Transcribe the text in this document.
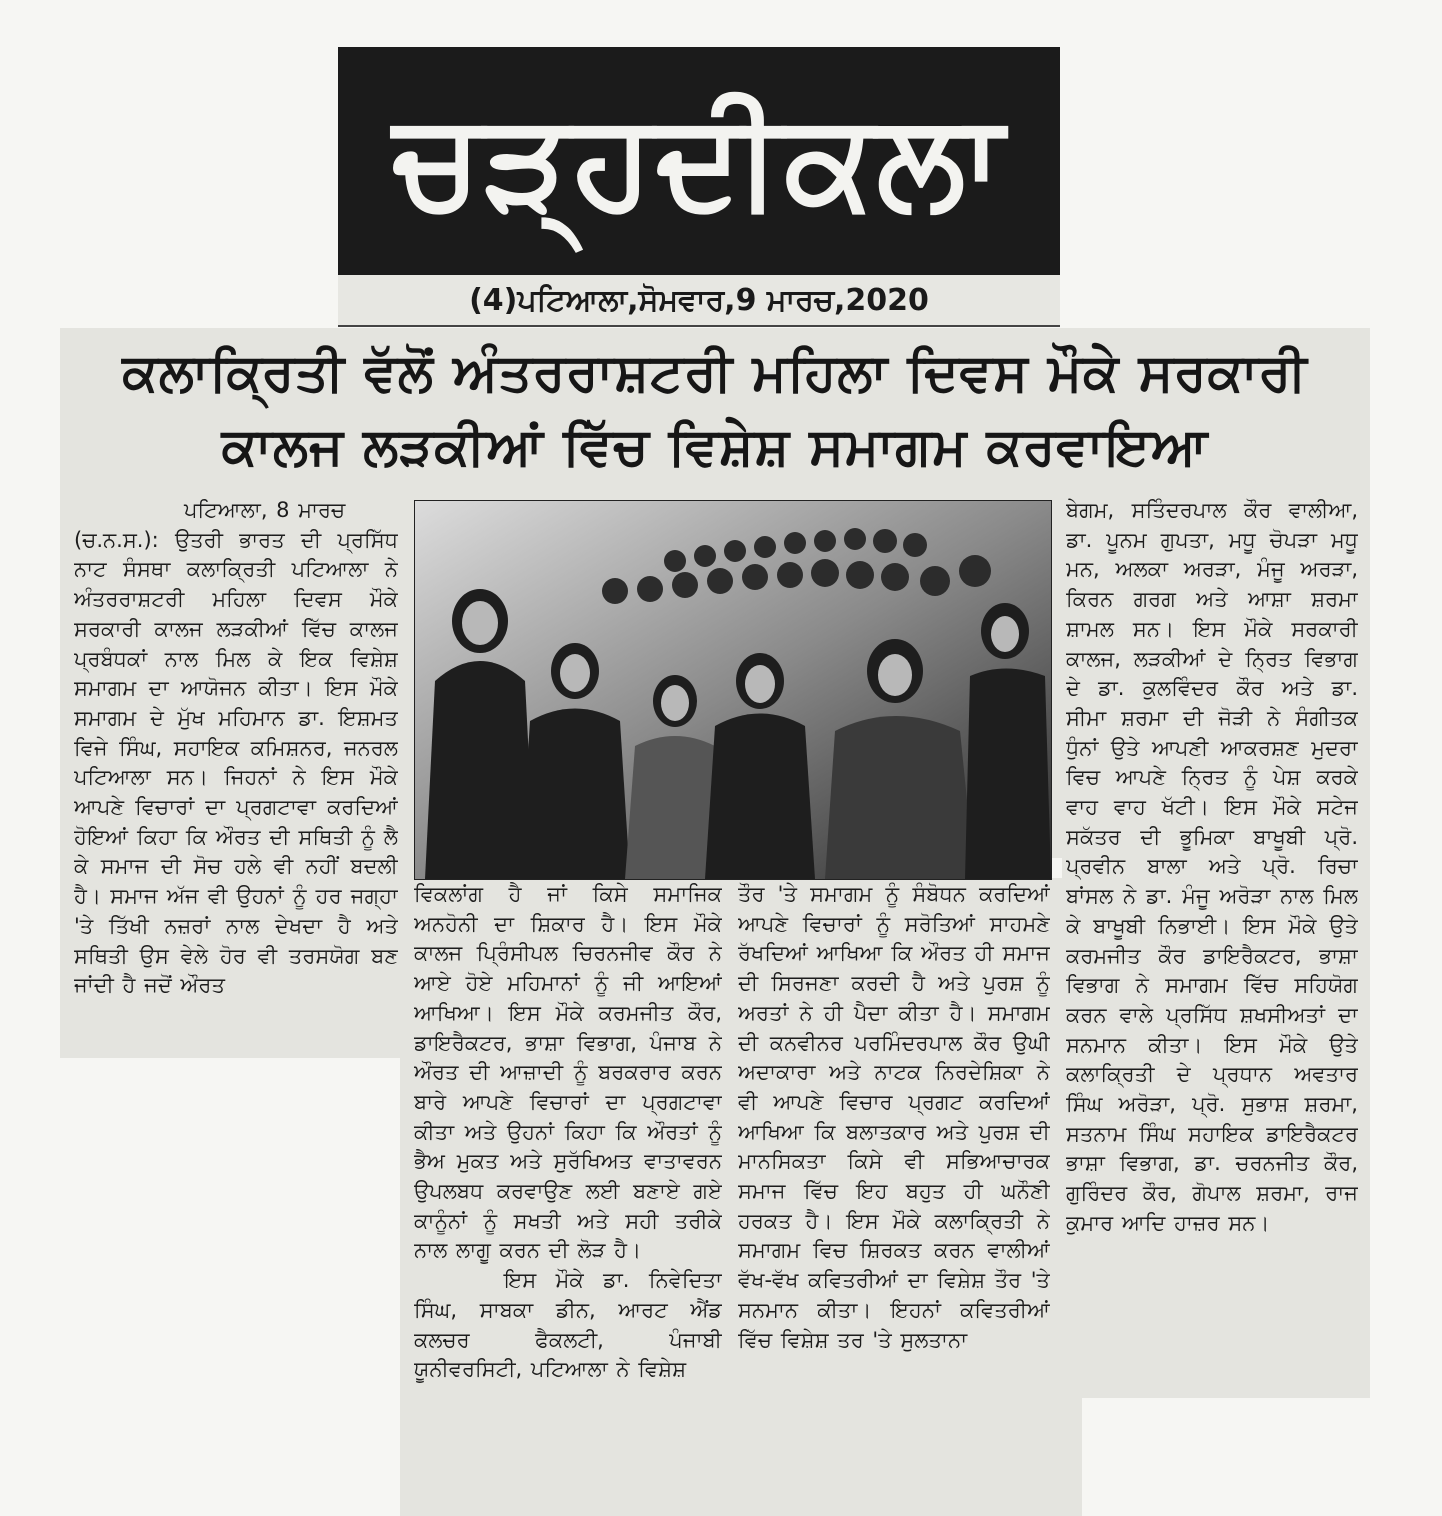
ਚੜ੍ਹਦੀਕਲਾ
(4)ਪਟਿਆਲਾ,ਸੋਮਵਾਰ,9 ਮਾਰਚ,2020
ਕਲਾਕ੍ਰਿਤੀ ਵੱਲੋਂ ਅੰਤਰਰਾਸ਼ਟਰੀ ਮਹਿਲਾ ਦਿਵਸ ਮੌਕੇ ਸਰਕਾਰੀ
ਕਾਲਜ ਲੜਕੀਆਂ ਵਿੱਚ ਵਿਸ਼ੇਸ਼ ਸਮਾਗਮ ਕਰਵਾਇਆ

ਪਟਿਆਲਾ, 8 ਮਾਰਚ

(ਚ.ਨ.ਸ.): ਉਤਰੀ ਭਾਰਤ ਦੀ ਪ੍ਰਸਿੱਧ ਨਾਟ ਸੰਸਥਾ ਕਲਾਕ੍ਰਿਤੀ ਪਟਿਆਲਾ ਨੇ ਅੰਤਰਰਾਸ਼ਟਰੀ ਮਹਿਲਾ ਦਿਵਸ ਮੌਕੇ ਸਰਕਾਰੀ ਕਾਲਜ ਲੜਕੀਆਂ ਵਿੱਚ ਕਾਲਜ ਪ੍ਰਬੰਧਕਾਂ ਨਾਲ ਮਿਲ ਕੇ ਇਕ ਵਿਸ਼ੇਸ਼ ਸਮਾਗਮ ਦਾ ਆਯੋਜਨ ਕੀਤਾ। ਇਸ ਮੌਕੇ ਸਮਾਗਮ ਦੇ ਮੁੱਖ ਮਹਿਮਾਨ ਡਾ. ਇਸ਼ਮਤ ਵਿਜੇ ਸਿੰਘ, ਸਹਾਇਕ ਕਮਿਸ਼ਨਰ, ਜਨਰਲ ਪਟਿਆਲਾ ਸਨ। ਜਿਹਨਾਂ ਨੇ ਇਸ ਮੌਕੇ ਆਪਣੇ ਵਿਚਾਰਾਂ ਦਾ ਪ੍ਰਗਟਾਵਾ ਕਰਦਿਆਂ ਹੋਇਆਂ ਕਿਹਾ ਕਿ ਔਰਤ ਦੀ ਸਥਿਤੀ ਨੂੰ ਲੈ ਕੇ ਸਮਾਜ ਦੀ ਸੋਚ ਹਲੇ ਵੀ ਨਹੀਂ ਬਦਲੀ ਹੈ। ਸਮਾਜ ਅੱਜ ਵੀ ਉਹਨਾਂ ਨੂੰ ਹਰ ਜਗ੍ਹਾ 'ਤੇ ਤਿੱਖੀ ਨਜ਼ਰਾਂ ਨਾਲ ਦੇਖਦਾ ਹੈ ਅਤੇ ਸਥਿਤੀ ਉਸ ਵੇਲੇ ਹੋਰ ਵੀ ਤਰਸਯੋਗ ਬਣ ਜਾਂਦੀ ਹੈ ਜਦੋਂ ਔਰਤ

ਵਿਕਲਾਂਗ ਹੈ ਜਾਂ ਕਿਸੇ ਸਮਾਜਿਕ ਅਨਹੋਨੀ ਦਾ ਸ਼ਿਕਾਰ ਹੈ। ਇਸ ਮੌਕੇ ਕਾਲਜ ਪ੍ਰਿੰਸੀਪਲ ਚਿਰਨਜੀਵ ਕੌਰ ਨੇ ਆਏ ਹੋਏ ਮਹਿਮਾਨਾਂ ਨੂੰ ਜੀ ਆਇਆਂ ਆਖਿਆ। ਇਸ ਮੌਕੇ ਕਰਮਜੀਤ ਕੌਰ, ਡਾਇਰੈਕਟਰ, ਭਾਸ਼ਾ ਵਿਭਾਗ, ਪੰਜਾਬ ਨੇ ਔਰਤ ਦੀ ਆਜ਼ਾਦੀ ਨੂੰ ਬਰਕਰਾਰ ਕਰਨ ਬਾਰੇ ਆਪਣੇ ਵਿਚਾਰਾਂ ਦਾ ਪ੍ਰਗਟਾਵਾ ਕੀਤਾ ਅਤੇ ਉਹਨਾਂ ਕਿਹਾ ਕਿ ਔਰਤਾਂ ਨੂੰ ਭੈਅ ਮੁਕਤ ਅਤੇ ਸੁਰੱਖਿਅਤ ਵਾਤਾਵਰਨ ਉਪਲਬਧ ਕਰਵਾਉਣ ਲਈ ਬਣਾਏ ਗਏ ਕਾਨੂੰਨਾਂ ਨੂੰ ਸਖਤੀ ਅਤੇ ਸਹੀ ਤਰੀਕੇ ਨਾਲ ਲਾਗੂ ਕਰਨ ਦੀ ਲੋੜ ਹੈ।

ਇਸ ਮੌਕੇ ਡਾ. ਨਿਵੇਦਿਤਾ ਸਿੰਘ, ਸਾਬਕਾ ਡੀਨ, ਆਰਟ ਐਂਡ ਕਲਚਰ ਫੈਕਲਟੀ, ਪੰਜਾਬੀ ਯੂਨੀਵਰਸਿਟੀ, ਪਟਿਆਲਾ ਨੇ ਵਿਸ਼ੇਸ਼

ਤੌਰ 'ਤੇ ਸਮਾਗਮ ਨੂੰ ਸੰਬੋਧਨ ਕਰਦਿਆਂ ਆਪਣੇ ਵਿਚਾਰਾਂ ਨੂੰ ਸਰੋਤਿਆਂ ਸਾਹਮਣੇ ਰੱਖਦਿਆਂ ਆਖਿਆ ਕਿ ਔਰਤ ਹੀ ਸਮਾਜ ਦੀ ਸਿਰਜਣਾ ਕਰਦੀ ਹੈ ਅਤੇ ਪੁਰਸ਼ ਨੂੰ ਅਰਤਾਂ ਨੇ ਹੀ ਪੈਦਾ ਕੀਤਾ ਹੈ। ਸਮਾਗਮ ਦੀ ਕਨਵੀਨਰ ਪਰਮਿੰਦਰਪਾਲ ਕੌਰ ਉਘੀ ਅਦਾਕਾਰਾ ਅਤੇ ਨਾਟਕ ਨਿਰਦੇਸ਼ਿਕਾ ਨੇ ਵੀ ਆਪਣੇ ਵਿਚਾਰ ਪ੍ਰਗਟ ਕਰਦਿਆਂ ਆਖਿਆ ਕਿ ਬਲਾਤਕਾਰ ਅਤੇ ਪੁਰਸ਼ ਦੀ ਮਾਨਸਿਕਤਾ ਕਿਸੇ ਵੀ ਸਭਿਆਚਾਰਕ ਸਮਾਜ ਵਿੱਚ ਇਹ ਬਹੁਤ ਹੀ ਘਨੌਣੀ ਹਰਕਤ ਹੈ। ਇਸ ਮੌਕੇ ਕਲਾਕ੍ਰਿਤੀ ਨੇ ਸਮਾਗਮ ਵਿਚ ਸ਼ਿਰਕਤ ਕਰਨ ਵਾਲੀਆਂ ਵੱਖ-ਵੱਖ ਕਵਿਤਰੀਆਂ ਦਾ ਵਿਸ਼ੇਸ਼ ਤੌਰ 'ਤੇ ਸਨਮਾਨ ਕੀਤਾ। ਇਹਨਾਂ ਕਵਿਤਰੀਆਂ ਵਿੱਚ ਵਿਸ਼ੇਸ਼ ਤਰ 'ਤੇ ਸੁਲਤਾਨਾ

ਬੇਗਮ, ਸਤਿੰਦਰਪਾਲ ਕੌਰ ਵਾਲੀਆ, ਡਾ. ਪੂਨਮ ਗੁਪਤਾ, ਮਧੂ ਚੋਪੜਾ ਮਧੂ ਮਨ, ਅਲਕਾ ਅਰੜਾ, ਮੰਜੂ ਅਰੜਾ, ਕਿਰਨ ਗਰਗ ਅਤੇ ਆਸ਼ਾ ਸ਼ਰਮਾ ਸ਼ਾਮਲ ਸਨ। ਇਸ ਮੌਕੇ ਸਰਕਾਰੀ ਕਾਲਜ, ਲੜਕੀਆਂ ਦੇ ਨ੍ਰਿਤ ਵਿਭਾਗ ਦੇ ਡਾ. ਕੁਲਵਿੰਦਰ ਕੌਰ ਅਤੇ ਡਾ. ਸੀਮਾ ਸ਼ਰਮਾ ਦੀ ਜੋੜੀ ਨੇ ਸੰਗੀਤਕ ਧੁੰਨਾਂ ਉਤੇ ਆਪਣੀ ਆਕਰਸ਼ਣ ਮੁਦਰਾ ਵਿਚ ਆਪਣੇ ਨ੍ਰਿਤ ਨੂੰ ਪੇਸ਼ ਕਰਕੇ ਵਾਹ ਵਾਹ ਖੱਟੀ। ਇਸ ਮੌਕੇ ਸਟੇਜ ਸਕੱਤਰ ਦੀ ਭੂਮਿਕਾ ਬਾਖੂਬੀ ਪ੍ਰੋ. ਪ੍ਰਵੀਨ ਬਾਲਾ ਅਤੇ ਪ੍ਰੋ. ਰਿਚਾ ਬਾਂਸਲ ਨੇ ਡਾ. ਮੰਜੂ ਅਰੋੜਾ ਨਾਲ ਮਿਲ ਕੇ ਬਾਖੂਬੀ ਨਿਭਾਈ। ਇਸ ਮੌਕੇ ਉਤੇ ਕਰਮਜੀਤ ਕੌਰ ਡਾਇਰੈਕਟਰ, ਭਾਸ਼ਾ ਵਿਭਾਗ ਨੇ ਸਮਾਗਮ ਵਿੱਚ ਸਹਿਯੋਗ ਕਰਨ ਵਾਲੇ ਪ੍ਰਸਿੱਧ ਸ਼ਖਸੀਅਤਾਂ ਦਾ ਸਨਮਾਨ ਕੀਤਾ। ਇਸ ਮੌਕੇ ਉਤੇ ਕਲਾਕ੍ਰਿਤੀ ਦੇ ਪ੍ਰਧਾਨ ਅਵਤਾਰ ਸਿੰਘ ਅਰੋੜਾ, ਪ੍ਰੋ. ਸੁਭਾਸ਼ ਸ਼ਰਮਾ, ਸਤਨਾਮ ਸਿੰਘ ਸਹਾਇਕ ਡਾਇਰੈਕਟਰ ਭਾਸ਼ਾ ਵਿਭਾਗ, ਡਾ. ਚਰਨਜੀਤ ਕੌਰ, ਗੁਰਿੰਦਰ ਕੌਰ, ਗੋਪਾਲ ਸ਼ਰਮਾ, ਰਾਜ ਕੁਮਾਰ ਆਦਿ ਹਾਜ਼ਰ ਸਨ।
